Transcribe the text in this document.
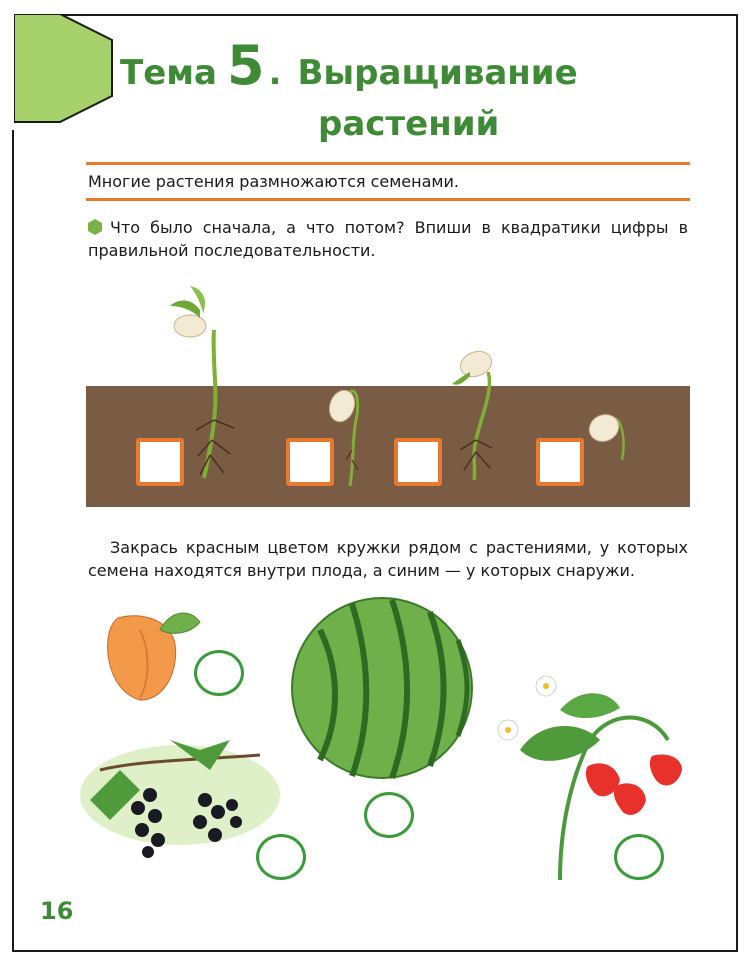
Тема 5 . Выращивание
растений
Многие растения размножаются семенами.
Что было сначала, а что потом? Впиши в квадратики цифры в правильной последовательности.
Закрась красным цветом кружки рядом с растениями, у которых семена находятся внутри плода, а синим — у которых снаружи.
16
